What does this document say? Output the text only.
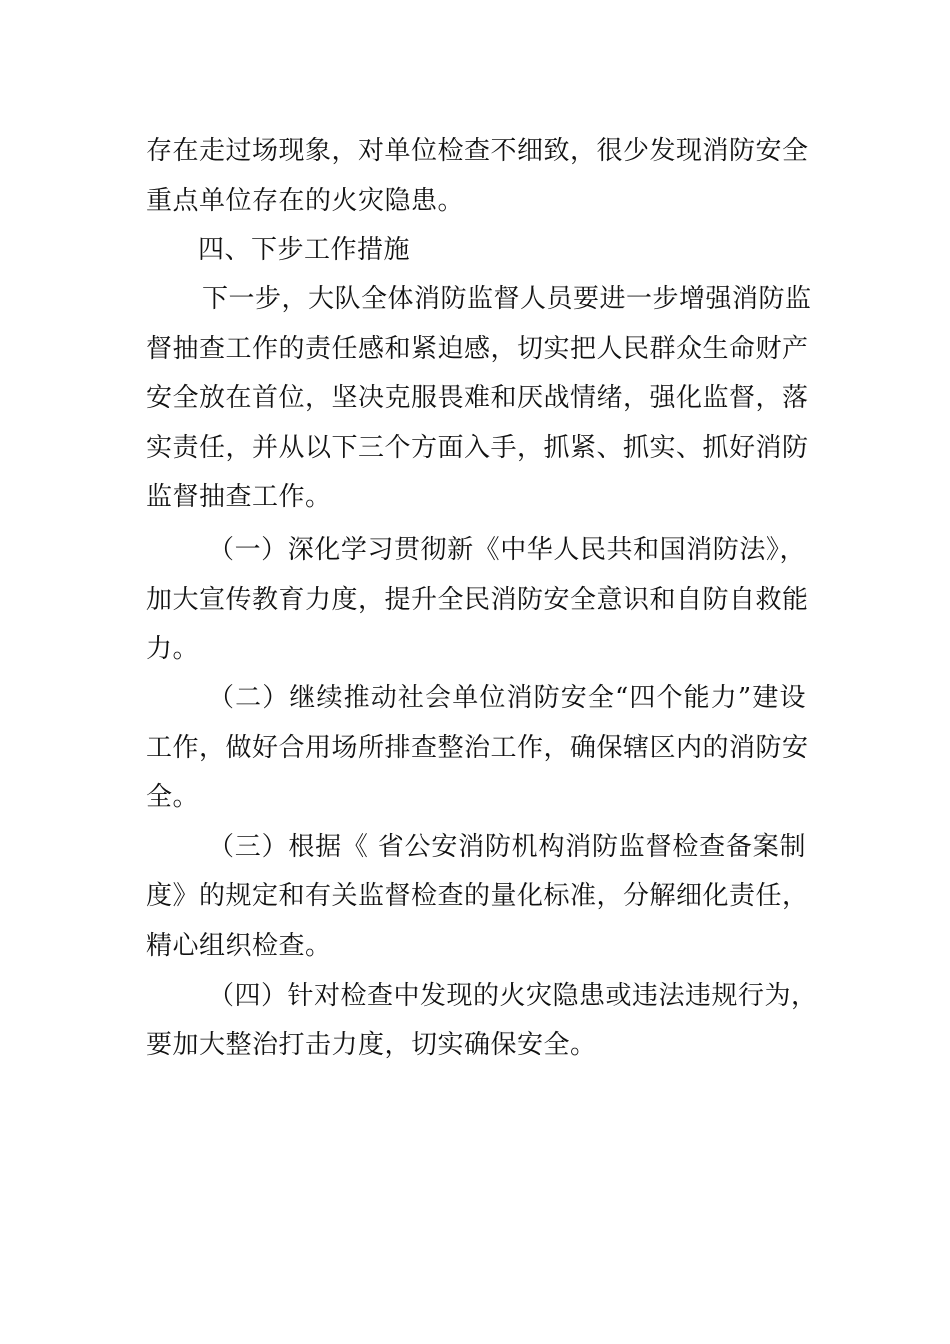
存在走过场现象，对单位检查不细致，很少发现消防安全
重点单位存在的火灾隐患。
四、下步工作措施
下一步，大队全体消防监督人员要进一步增强消防监
督抽查工作的责任感和紧迫感，切实把人民群众生命财产
安全放在首位，坚决克服畏难和厌战情绪，强化监督，落
实责任，并从以下三个方面入手，抓紧、抓实、抓好消防
监督抽查工作。
（一）深化学习贯彻新《中华人民共和国消防法》，
加大宣传教育力度，提升全民消防安全意识和自防自救能
力。
（二）继续推动社会单位消防安全“四个能力”建设
工作，做好合用场所排查整治工作，确保辖区内的消防安
全。
（三）根据《 省公安消防机构消防监督检查备案制
度》的规定和有关监督检查的量化标准，分解细化责任，
精心组织检查。
（四）针对检查中发现的火灾隐患或违法违规行为，
要加大整治打击力度，切实确保安全。
